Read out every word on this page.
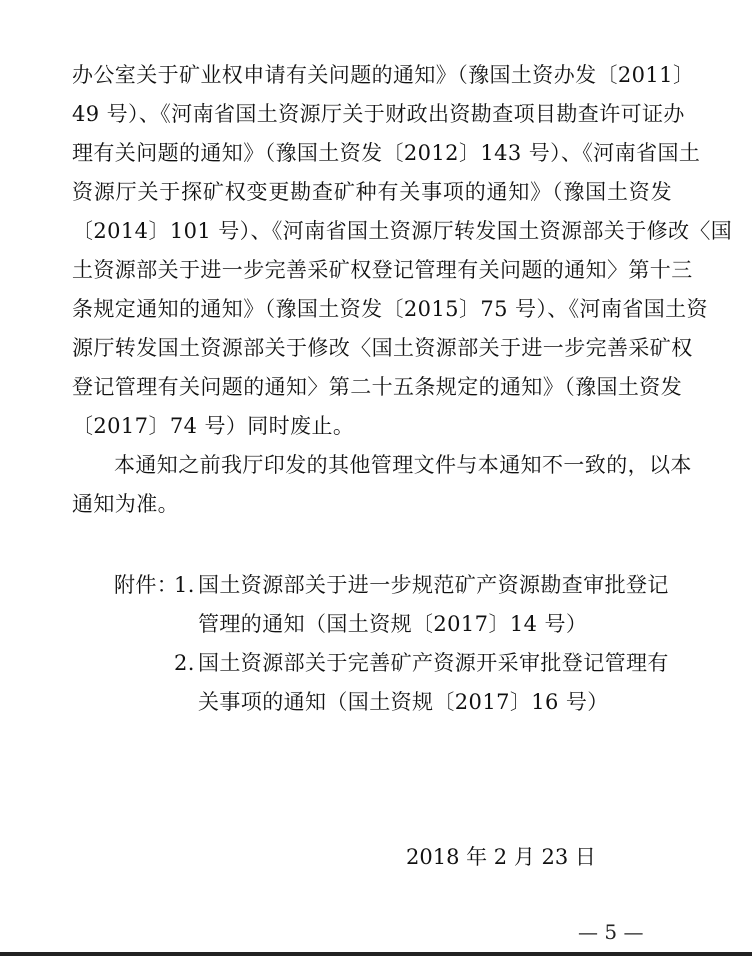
办公室关于矿业权申请有关问题的通知》（豫国土资办发〔2011〕
49 号）、《河南省国土资源厅关于财政出资勘查项目勘查许可证办
理有关问题的通知》（豫国土资发〔2012〕143 号）、《河南省国土
资源厅关于探矿权变更勘查矿种有关事项的通知》（豫国土资发
〔2014〕101 号）、《河南省国土资源厅转发国土资源部关于修改〈国
土资源部关于进一步完善采矿权登记管理有关问题的通知〉第十三
条规定通知的通知》（豫国土资发〔2015〕75 号）、《河南省国土资
源厅转发国土资源部关于修改〈国土资源部关于进一步完善采矿权
登记管理有关问题的通知〉第二十五条规定的通知》（豫国土资发
〔2017〕74 号）同时废止。
本通知之前我厅印发的其他管理文件与本通知不一致的，以本
通知为准。
附件：
1. 国土资源部关于进一步规范矿产资源勘查审批登记
管理的通知（国土资规〔2017〕14 号）
2. 国土资源部关于完善矿产资源开采审批登记管理有
关事项的通知（国土资规〔2017〕16 号）
2018 年 2 月 23 日
— 5 —
